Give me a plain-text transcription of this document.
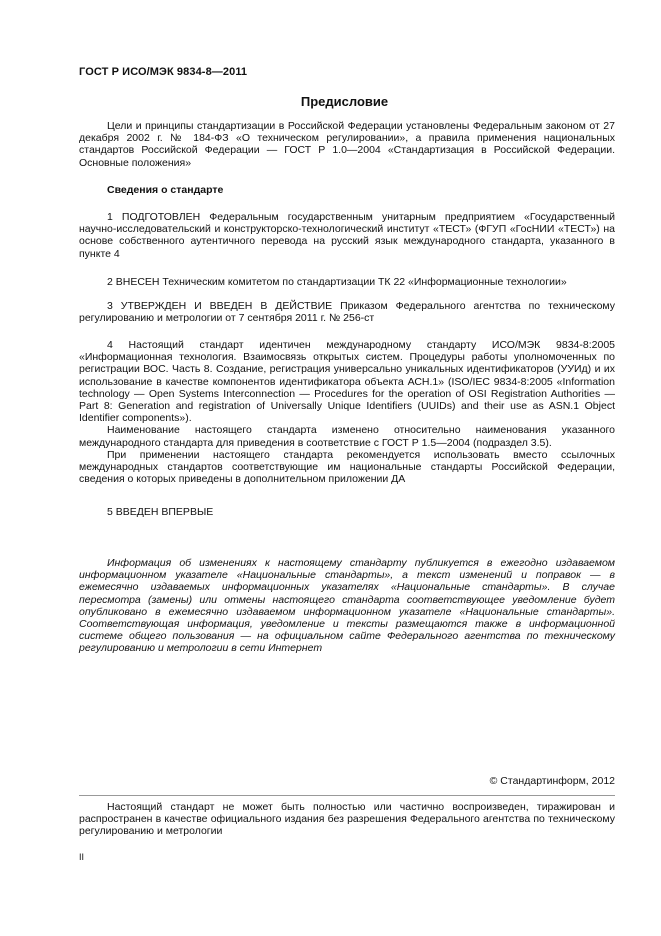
ГОСТ Р ИСО/МЭК 9834-8—2011
Предисловие

Цели и принципы стандартизации в Российской Федерации установлены Федеральным законом от 27 декабря 2002 г. № 184-ФЗ «О техническом регулировании», а правила применения национальных стандартов Российской Федерации — ГОСТ Р 1.0—2004 «Стандартизация в Российской Федерации. Основные положения»

Сведения о стандарте

1 ПОДГОТОВЛЕН Федеральным государственным унитарным предприятием «Государственный научно-исследовательский и конструкторско-технологический институт «ТЕСТ» (ФГУП «ГосНИИ «ТЕСТ») на основе собственного аутентичного перевода на русский язык международного стандарта, указанного в пункте 4

2 ВНЕСЕН Техническим комитетом по стандартизации ТК 22 «Информационные технологии»

3 УТВЕРЖДЕН И ВВЕДЕН В ДЕЙСТВИЕ Приказом Федерального агентства по техническому регулированию и метрологии от 7 сентября 2011 г. № 256-ст

4 Настоящий стандарт идентичен международному стандарту ИСО/МЭК 9834-8:2005 «Информационная технология. Взаимосвязь открытых систем. Процедуры работы уполномоченных по регистрации ВОС. Часть 8. Создание, регистрация универсально уникальных идентификаторов (УУИд) и их использование в качестве компонентов идентификатора объекта АСН.1» (ISO/IEC 9834-8:2005 «Information technology — Open Systems Interconnection — Procedures for the operation of OSI Registration Authorities — Part 8: Generation and registration of Universally Unique Identifiers (UUIDs) and their use as ASN.1 Object Identifier components»).

Наименование настоящего стандарта изменено относительно наименования указанного международного стандарта для приведения в соответствие с ГОСТ Р 1.5—2004 (подраздел 3.5).

При применении настоящего стандарта рекомендуется использовать вместо ссылочных международных стандартов соответствующие им национальные стандарты Российской Федерации, сведения о которых приведены в дополнительном приложении ДА

5 ВВЕДЕН ВПЕРВЫЕ

Информация об изменениях к настоящему стандарту публикуется в ежегодно издаваемом информационном указателе «Национальные стандарты», а текст изменений и поправок — в ежемесячно издаваемых информационных указателях «Национальные стандарты». В случае пересмотра (замены) или отмены настоящего стандарта соответствующее уведомление будет опубликовано в ежемесячно издаваемом информационном указателе «Национальные стандарты». Соответствующая информация, уведомление и тексты размещаются также в информационной системе общего пользования — на официальном сайте Федерального агентства по техническому регулированию и метрологии в сети Интернет

© Стандартинформ, 2012

Настоящий стандарт не может быть полностью или частично воспроизведен, тиражирован и распространен в качестве официального издания без разрешения Федерального агентства по техническому регулированию и метрологии

II
